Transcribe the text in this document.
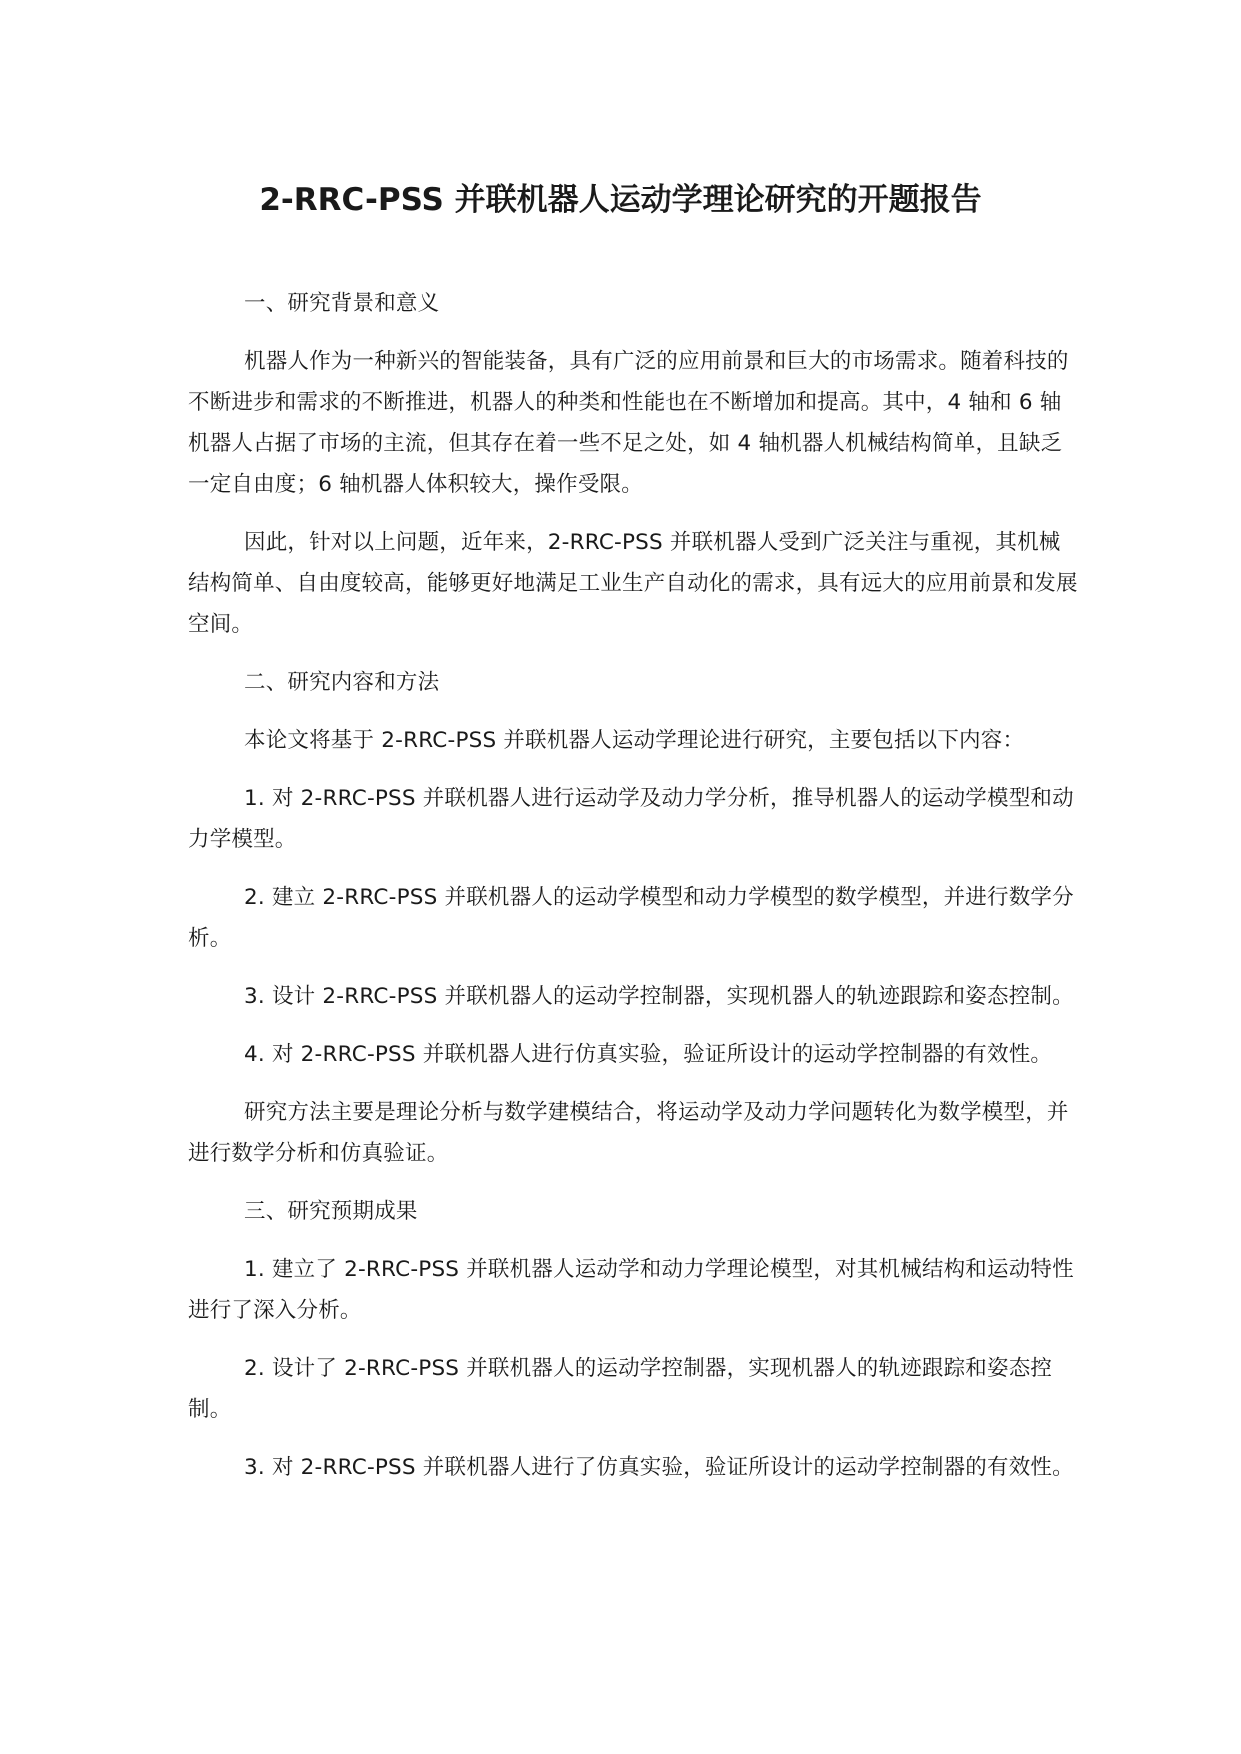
2-RRC-PSS 并联机器人运动学理论研究的开题报告

一、研究背景和意义

机器人作为一种新兴的智能装备，具有广泛的应用前景和巨大的市场需求。随着科技的不断进步和需求的不断推进，机器人的种类和性能也在不断增加和提高。其中，4 轴和 6 轴机器人占据了市场的主流，但其存在着一些不足之处，如 4 轴机器人机械结构简单，且缺乏一定自由度；6 轴机器人体积较大，操作受限。

因此，针对以上问题，近年来，2-RRC-PSS 并联机器人受到广泛关注与重视，其机械结构简单、自由度较高，能够更好地满足工业生产自动化的需求，具有远大的应用前景和发展空间。

二、研究内容和方法

本论文将基于 2-RRC-PSS 并联机器人运动学理论进行研究，主要包括以下内容：

1. 对 2-RRC-PSS 并联机器人进行运动学及动力学分析，推导机器人的运动学模型和动力学模型。

2. 建立 2-RRC-PSS 并联机器人的运动学模型和动力学模型的数学模型，并进行数学分析。

3. 设计 2-RRC-PSS 并联机器人的运动学控制器，实现机器人的轨迹跟踪和姿态控制。

4. 对 2-RRC-PSS 并联机器人进行仿真实验，验证所设计的运动学控制器的有效性。

研究方法主要是理论分析与数学建模结合，将运动学及动力学问题转化为数学模型，并进行数学分析和仿真验证。

三、研究预期成果

1. 建立了 2-RRC-PSS 并联机器人运动学和动力学理论模型，对其机械结构和运动特性进行了深入分析。

2. 设计了 2-RRC-PSS 并联机器人的运动学控制器，实现机器人的轨迹跟踪和姿态控制。

3. 对 2-RRC-PSS 并联机器人进行了仿真实验，验证所设计的运动学控制器的有效性。
